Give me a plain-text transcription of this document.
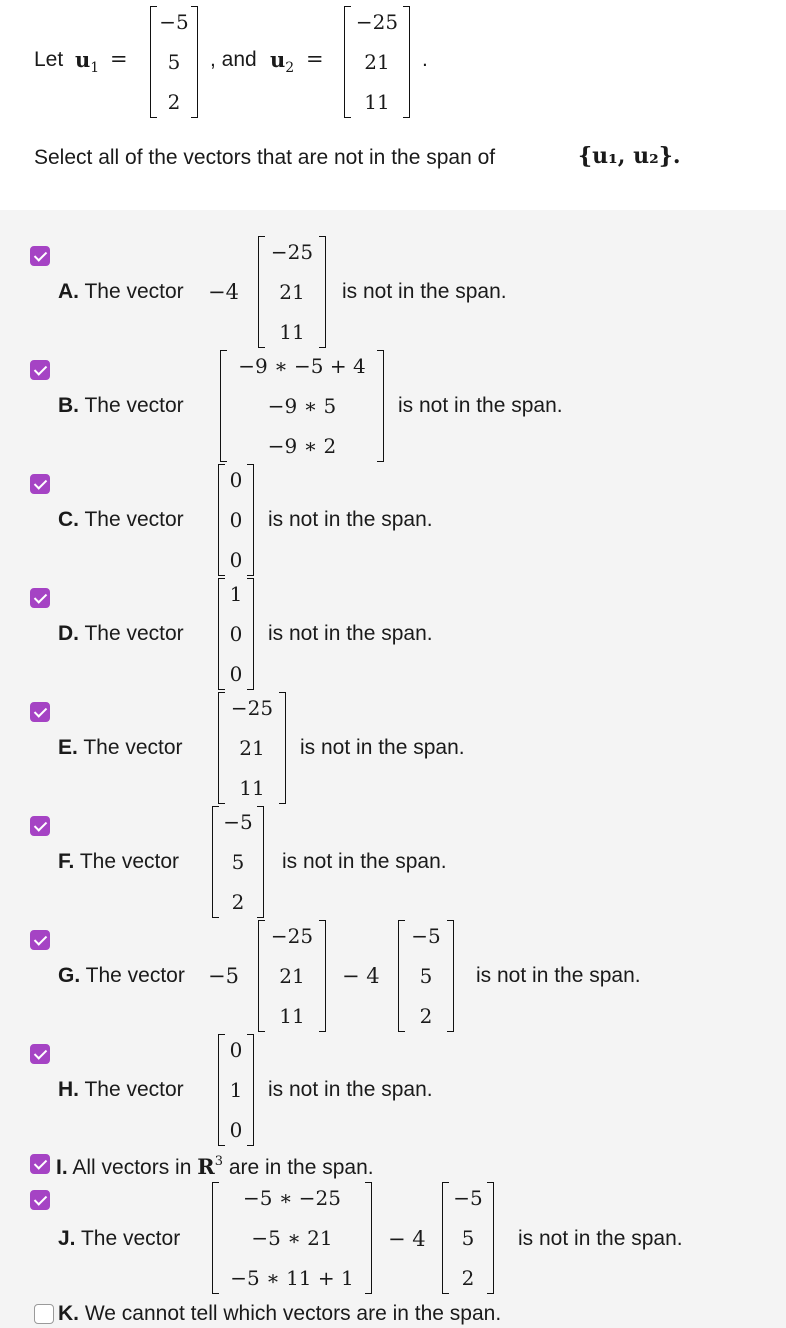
Let $u_1$ =
−5
5
2
, and $u_2$ =
−25
21
11
.
Select all of the vectors that are not in the span of	{u₁, u₂}.
A. The vector −4
−25
21
11
is not in the span.
B. The vector
−9 ∗ −5 + 4
−9 ∗ 5
−9 ∗ 2
is not in the span.
C. The vector
0
0
0
is not in the span.
D. The vector
1
0
0
is not in the span.
E. The vector
−25
21
11
is not in the span.
F. The vector
−5
5
2
is not in the span.
G. The vector −5
−25
21
11
− 4
−5
5
2
is not in the span.
H. The vector
0
1
0
is not in the span.
I. All vectors in $R^3$ are in the span.
J. The vector
−5 ∗ −25
−5 ∗ 21
−5 ∗ 11 + 1
− 4
−5
5
2
is not in the span.
K. We cannot tell which vectors are in the span.
